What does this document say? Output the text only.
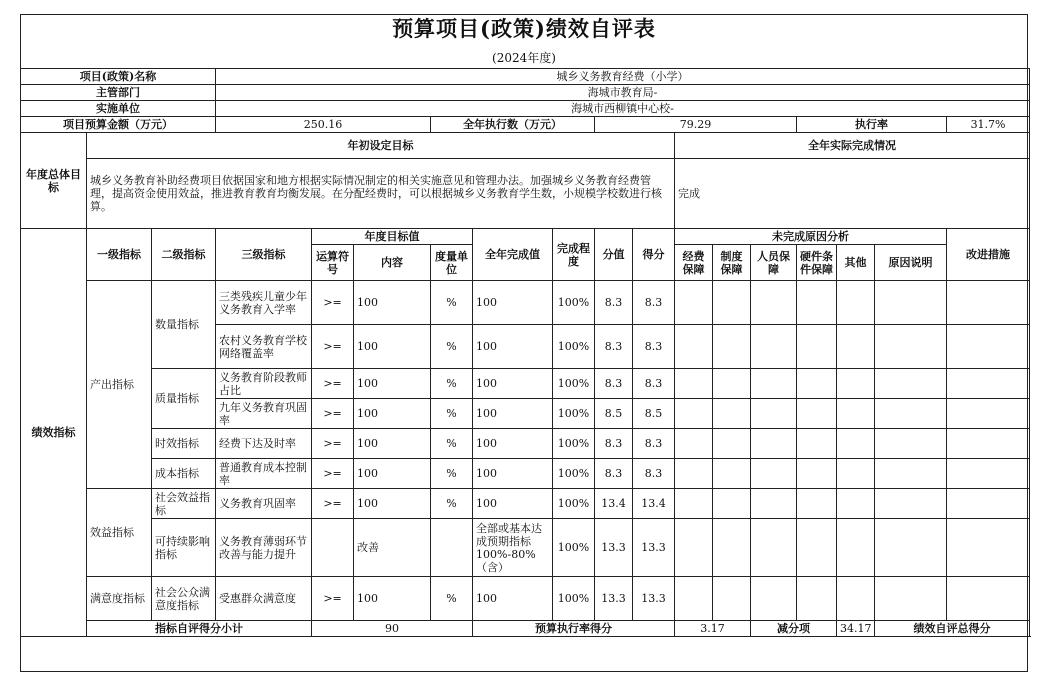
预算项目(政策)绩效自评表
(2024年度)
项目(政策)名称			城乡义务教育经费（小学）															
主管部门			海城市教育局-															
实施单位			海城市西柳镇中心校-															
项目预算金额（万元）			250.16			全年执行数（万元）			79.29					执行率			31.7%	
年度总体目标	年初设定目标										全年实际完成情况							
	城乡义务教育补助经费项目依据国家和地方根据实际情况制定的相关实施意见和管理办法。加强城乡义务教育经费管理，提高资金使用效益，推进教育教育均衡发展。在分配经费时，可以根据城乡义务教育学生数，小规模学校数进行核算。										完成							
绩效指标	一级指标	二级指标	三级指标	年度目标值			全年完成值	完成程度	分值	得分	未完成原因分析						改进措施	
				运算符号	内容	度量单位					经费保障	制度保障	人员保障	硬件条件保障	其他	原因说明		

	产出指标	数量指标	三类残疾儿童少年义务教育入学率	>=	100	%	100	100%	8.3	8.3								
			农村义务教育学校网络覆盖率	>=	100	%	100	100%	8.3	8.3								
		质量指标	义务教育阶段教师占比	>=	100	%	100	100%	8.3	8.3								
			九年义务教育巩固率	>=	100	%	100	100%	8.5	8.5								
		时效指标	经费下达及时率	>=	100	%	100	100%	8.3	8.3								
		成本指标	普通教育成本控制率	>=	100	%	100	100%	8.3	8.3								
	效益指标	社会效益指标	义务教育巩固率	>=	100	%	100	100%	13.4	13.4								
		可持续影响指标	义务教育薄弱环节改善与能力提升		改善		全部或基本达成预期指标100%-80%（含）	100%	13.3	13.3								
	满意度指标	社会公众满意度指标	受惠群众满意度	>=	100	%	100	100%	13.3	13.3								
	指标自评得分小计			90			预算执行率得分				3.17		减分项		34.17	绩效自评总得分	
